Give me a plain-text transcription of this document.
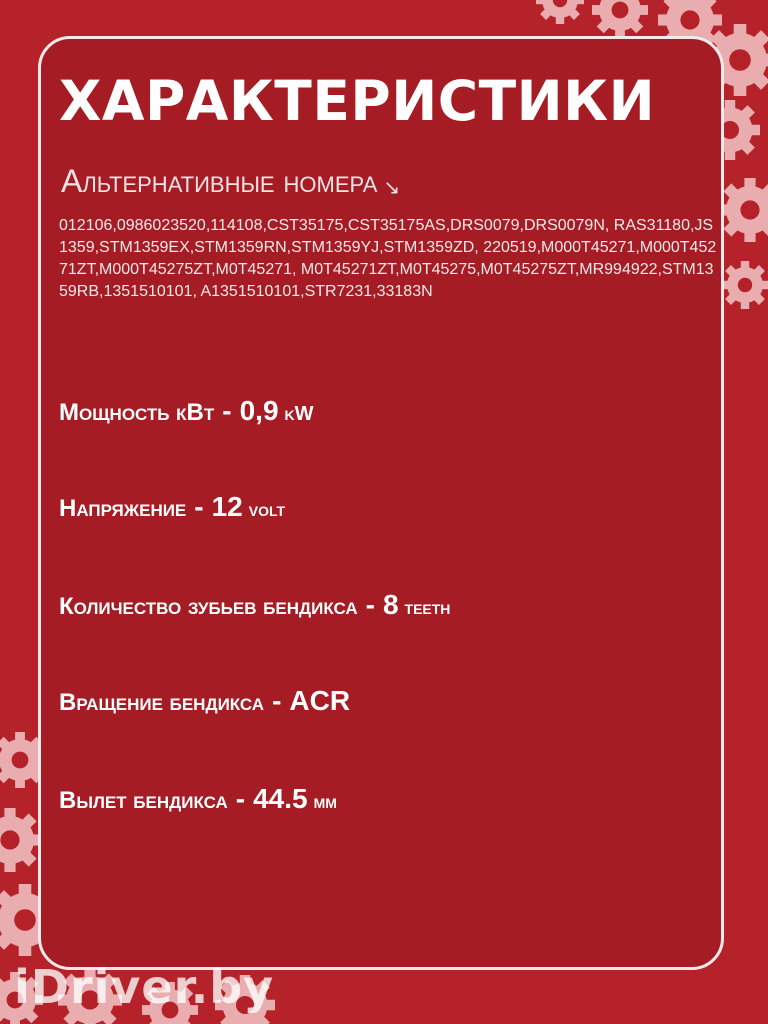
ХАРАКТЕРИСТИКИ
Альтернативные номера ↘
012106,0986023520,114108,CST35175,CST35175AS,DRS0079,DRS0079N, RAS31180,JS1359,STM1359EX,STM1359RN,STM1359YJ,STM1359ZD, 220519,M000T45271,M000T45271ZT,M000T45275ZT,M0T45271, M0T45271ZT,M0T45275,M0T45275ZT,MR994922,STM1359RB,1351510101, A1351510101,STR7231,33183N
Мощность кВт - 0,9 kW
Напряжение - 12 volt
Количество зубьев бендикса - 8 teeth
Вращение бендикса - ACR
Вылет бендикса - 44.5 мм
iDriver.by
